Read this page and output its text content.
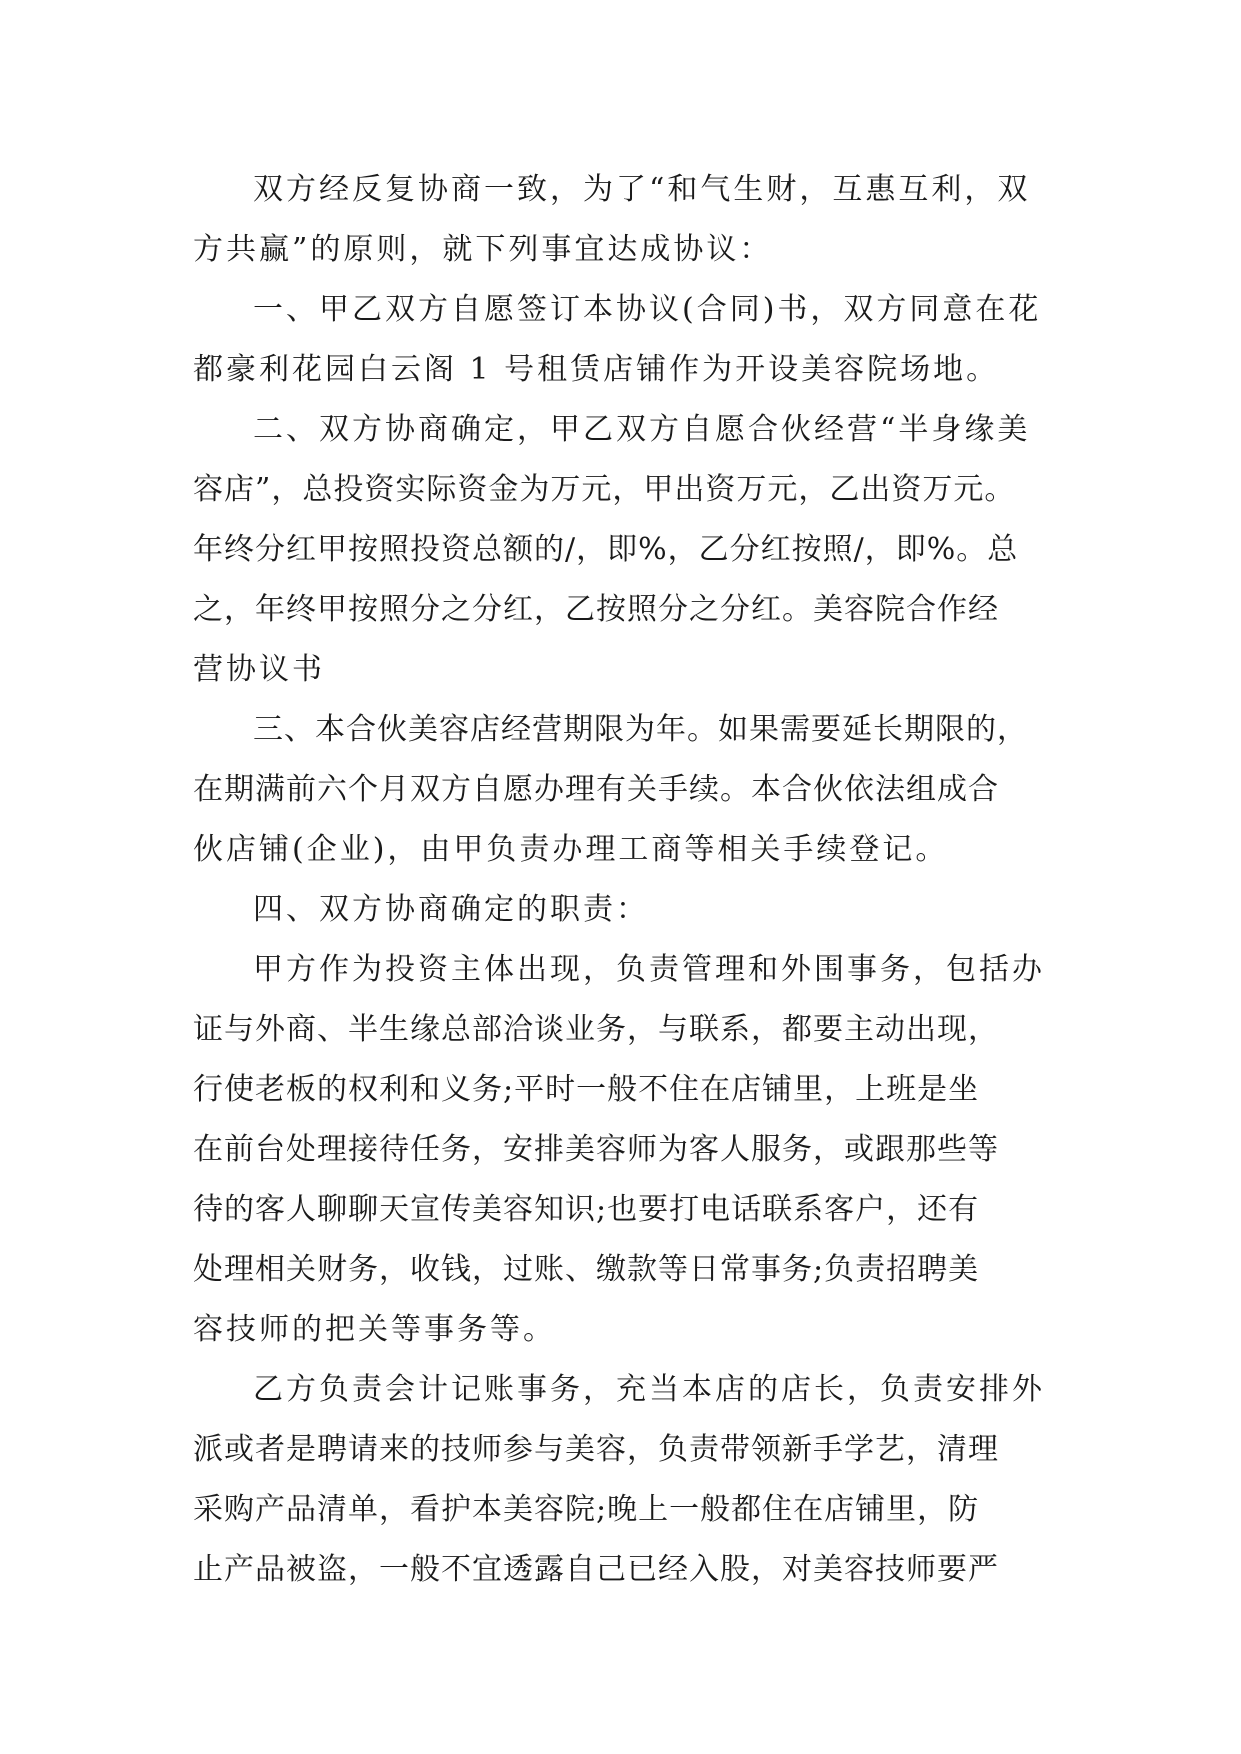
双方经反复协商一致，为了“和气生财，互惠互利，双
方共赢”的原则，就下列事宜达成协议：
一、甲乙双方自愿签订本协议(合同)书，双方同意在花
都豪利花园白云阁 1 号租赁店铺作为开设美容院场地。
二、双方协商确定，甲乙双方自愿合伙经营“半身缘美
容店”，总投资实际资金为万元，甲出资万元，乙出资万元。
年终分红甲按照投资总额的/，即%，乙分红按照/，即%。总
之，年终甲按照分之分红，乙按照分之分红。美容院合作经
营协议书
三、本合伙美容店经营期限为年。如果需要延长期限的，
在期满前六个月双方自愿办理有关手续。本合伙依法组成合
伙店铺(企业)，由甲负责办理工商等相关手续登记。
四、双方协商确定的职责：
甲方作为投资主体出现，负责管理和外围事务，包括办
证与外商、半生缘总部洽谈业务，与联系，都要主动出现，
行使老板的权利和义务;平时一般不住在店铺里，上班是坐
在前台处理接待任务，安排美容师为客人服务，或跟那些等
待的客人聊聊天宣传美容知识;也要打电话联系客户，还有
处理相关财务，收钱，过账、缴款等日常事务;负责招聘美
容技师的把关等事务等。
乙方负责会计记账事务，充当本店的店长，负责安排外
派或者是聘请来的技师参与美容，负责带领新手学艺，清理
采购产品清单，看护本美容院;晚上一般都住在店铺里，防
止产品被盗，一般不宜透露自己已经入股，对美容技师要严
